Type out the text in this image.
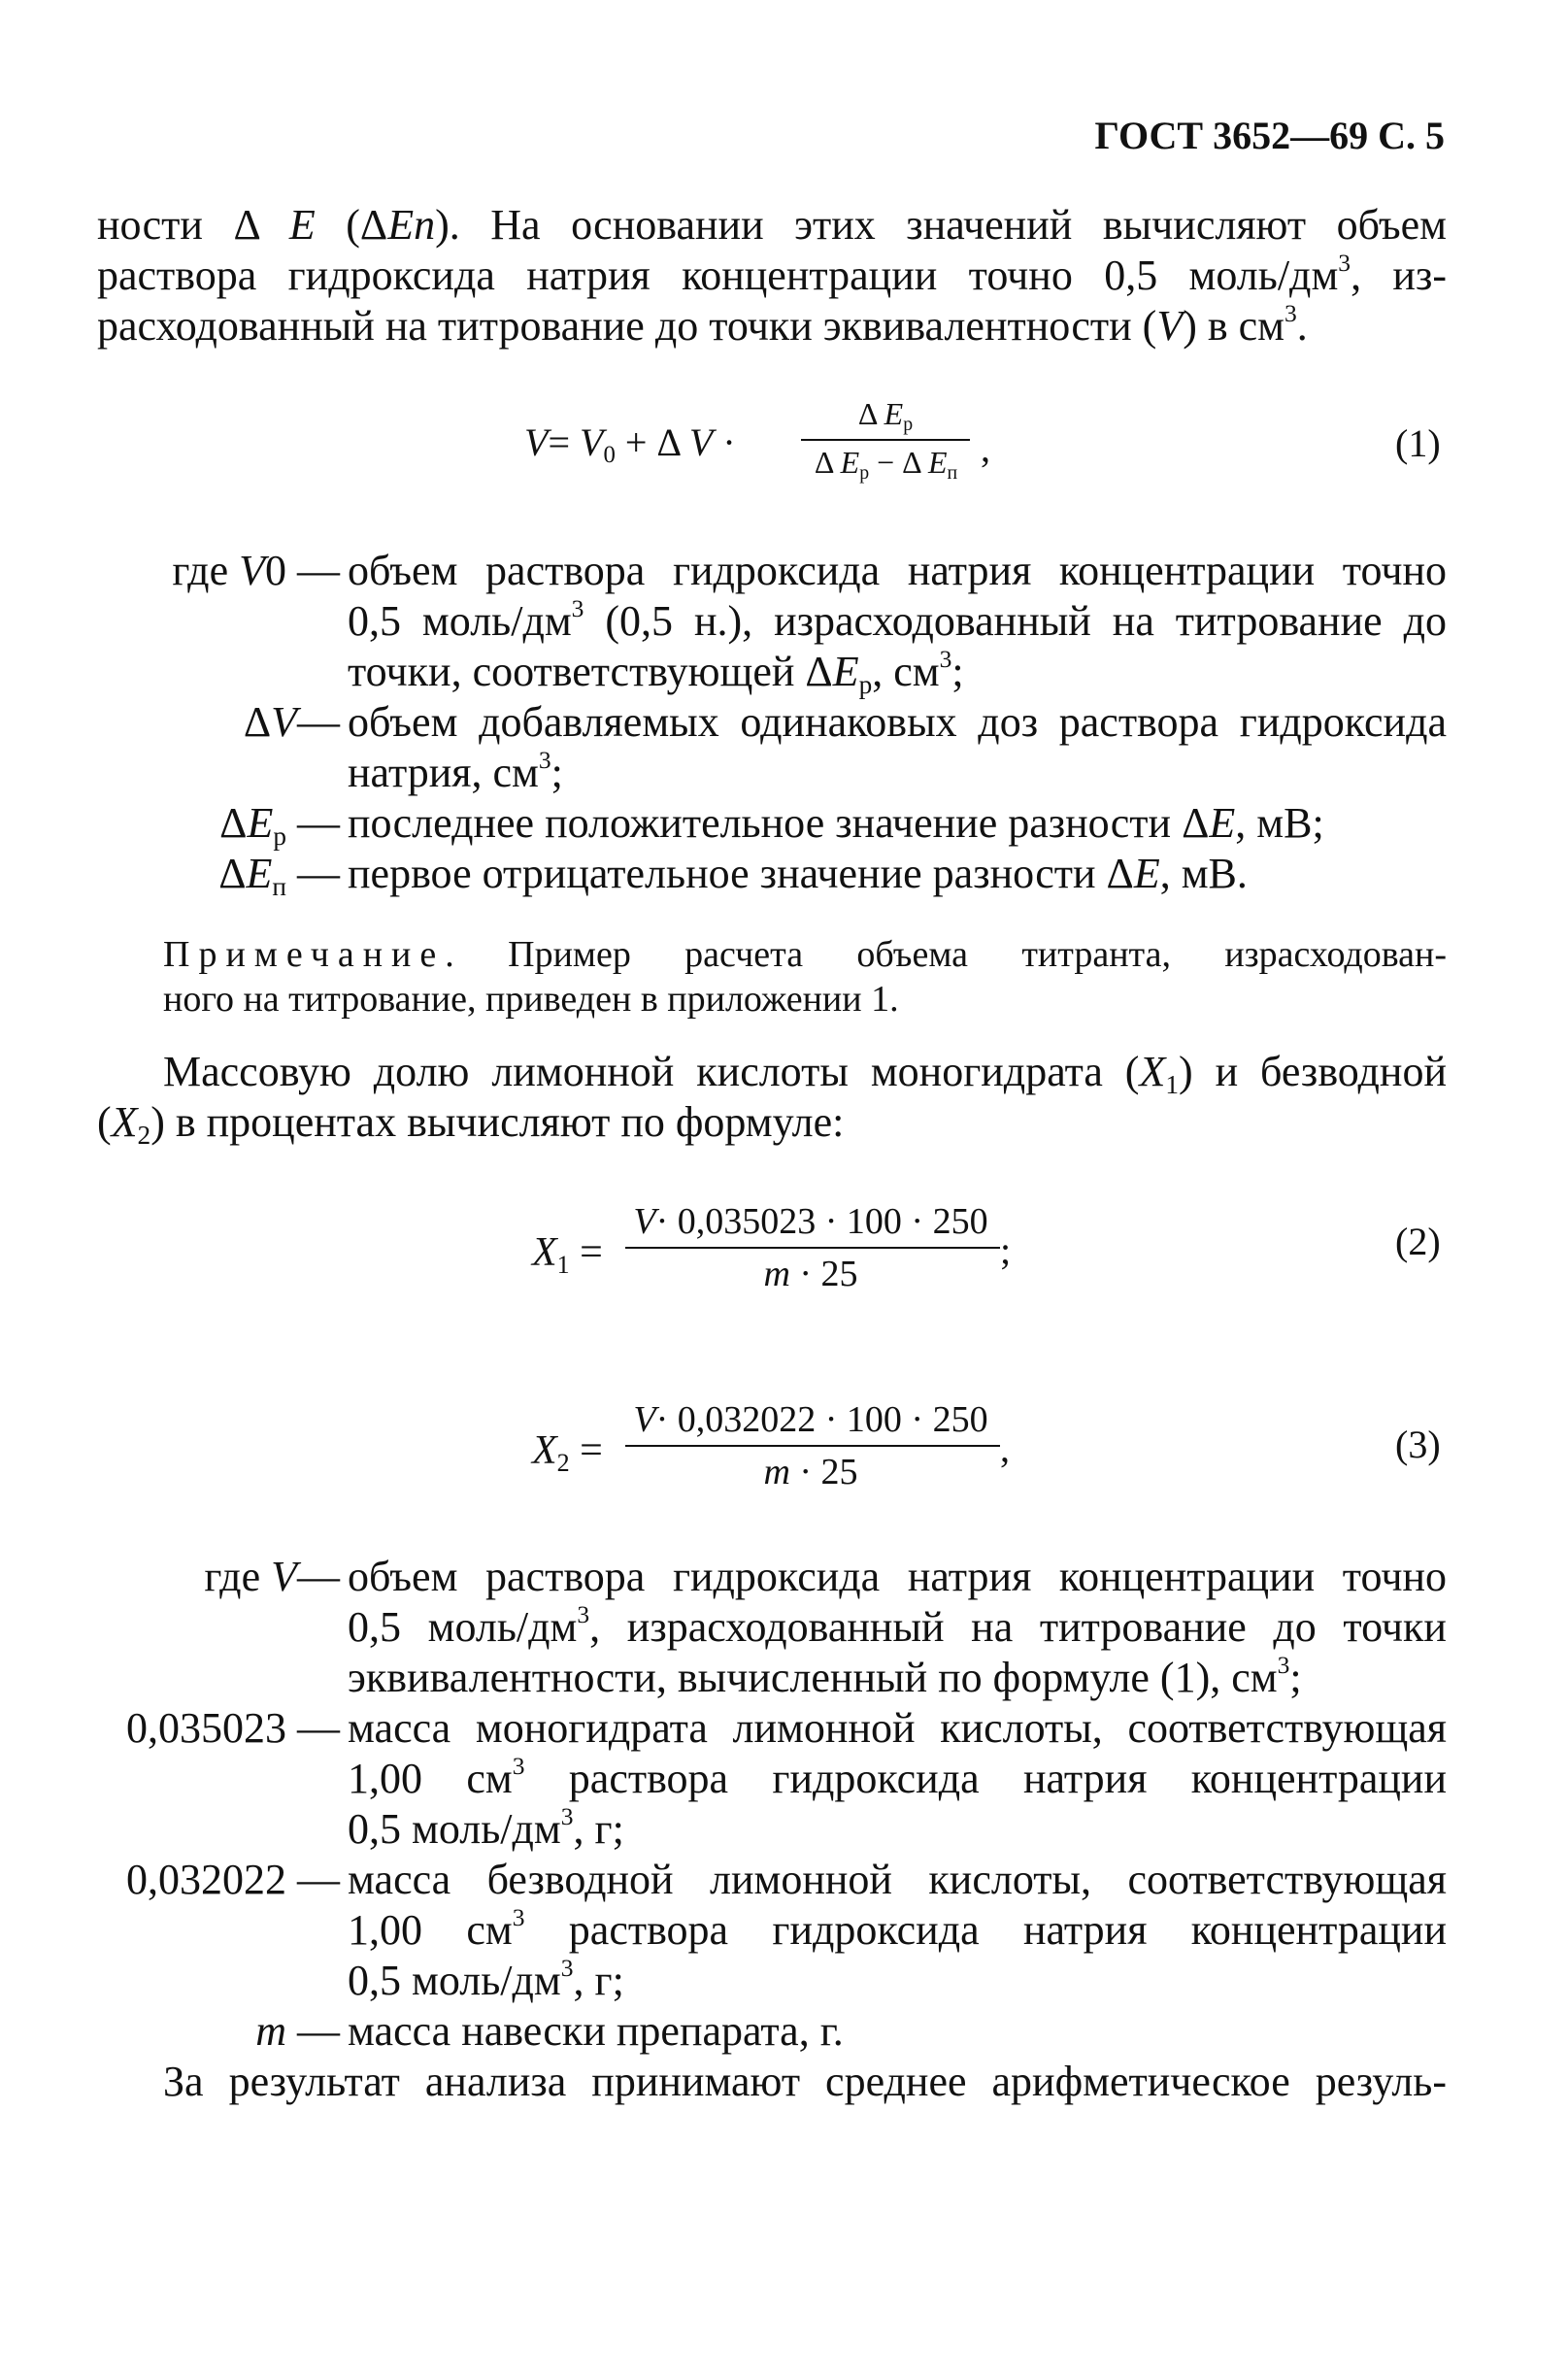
ГОСТ 3652—69 С. 5
ности Δ E (ΔEп). На основании этих значений вычисляют объем
раствора гидроксида натрия концентрации точно 0,5 моль/$дм^3$, из-
расходованный на титрование до точки эквивалентности (V) в $см^3$.
$V= V_0 + \Delta$ V ·
Δ $E_p$
Δ $E_p - \Delta$ $E_п$
,	(1)
где V0 — объем раствора гидроксида натрия концентрации точно
0,5 моль/$дм^3$ (0,5 н.), израсходованный на титрование до
точки, соответствующей $\Delta E_p$, $см^3$;
ΔV— объем добавляемых одинаковых доз раствора гидроксида
натрия, $см^3$;
$\Delta E_p$ — последнее положительное значение разности ΔE, мВ;
$\Delta E_п$ — первое отрицательное значение разности ΔE, мВ.
Примечание. Пример расчета объема титранта, израсходован-
ного на титрование, приведен в приложении 1.
Массовую долю лимонной кислоты моногидрата $(X_1)$ и безводной
$(X_2)$ в процентах вычисляют по формуле:
$X_1$ =
V· 0,035023 · 100 · 250
m · 25
;	(2)
$X_2$ =
V· 0,032022 · 100 · 250
m · 25
,	(3)
где V— объем раствора гидроксида натрия концентрации точно
0,5 моль/$дм^3$, израсходованный на титрование до точки
эквивалентности, вычисленный по формуле (1), $см^3$;
0,035023 — масса моногидрата лимонной кислоты, соответствующая
1,00 $см^3$ раствора гидроксида натрия концентрации
0,5 моль/$дм^3$, г;
0,032022 — масса безводной лимонной кислоты, соответствующая
1,00 $см^3$ раствора гидроксида натрия концентрации
0,5 моль/$дм^3$, г;
m — масса навески препарата, г.
За результат анализа принимают среднее арифметическое резуль-
